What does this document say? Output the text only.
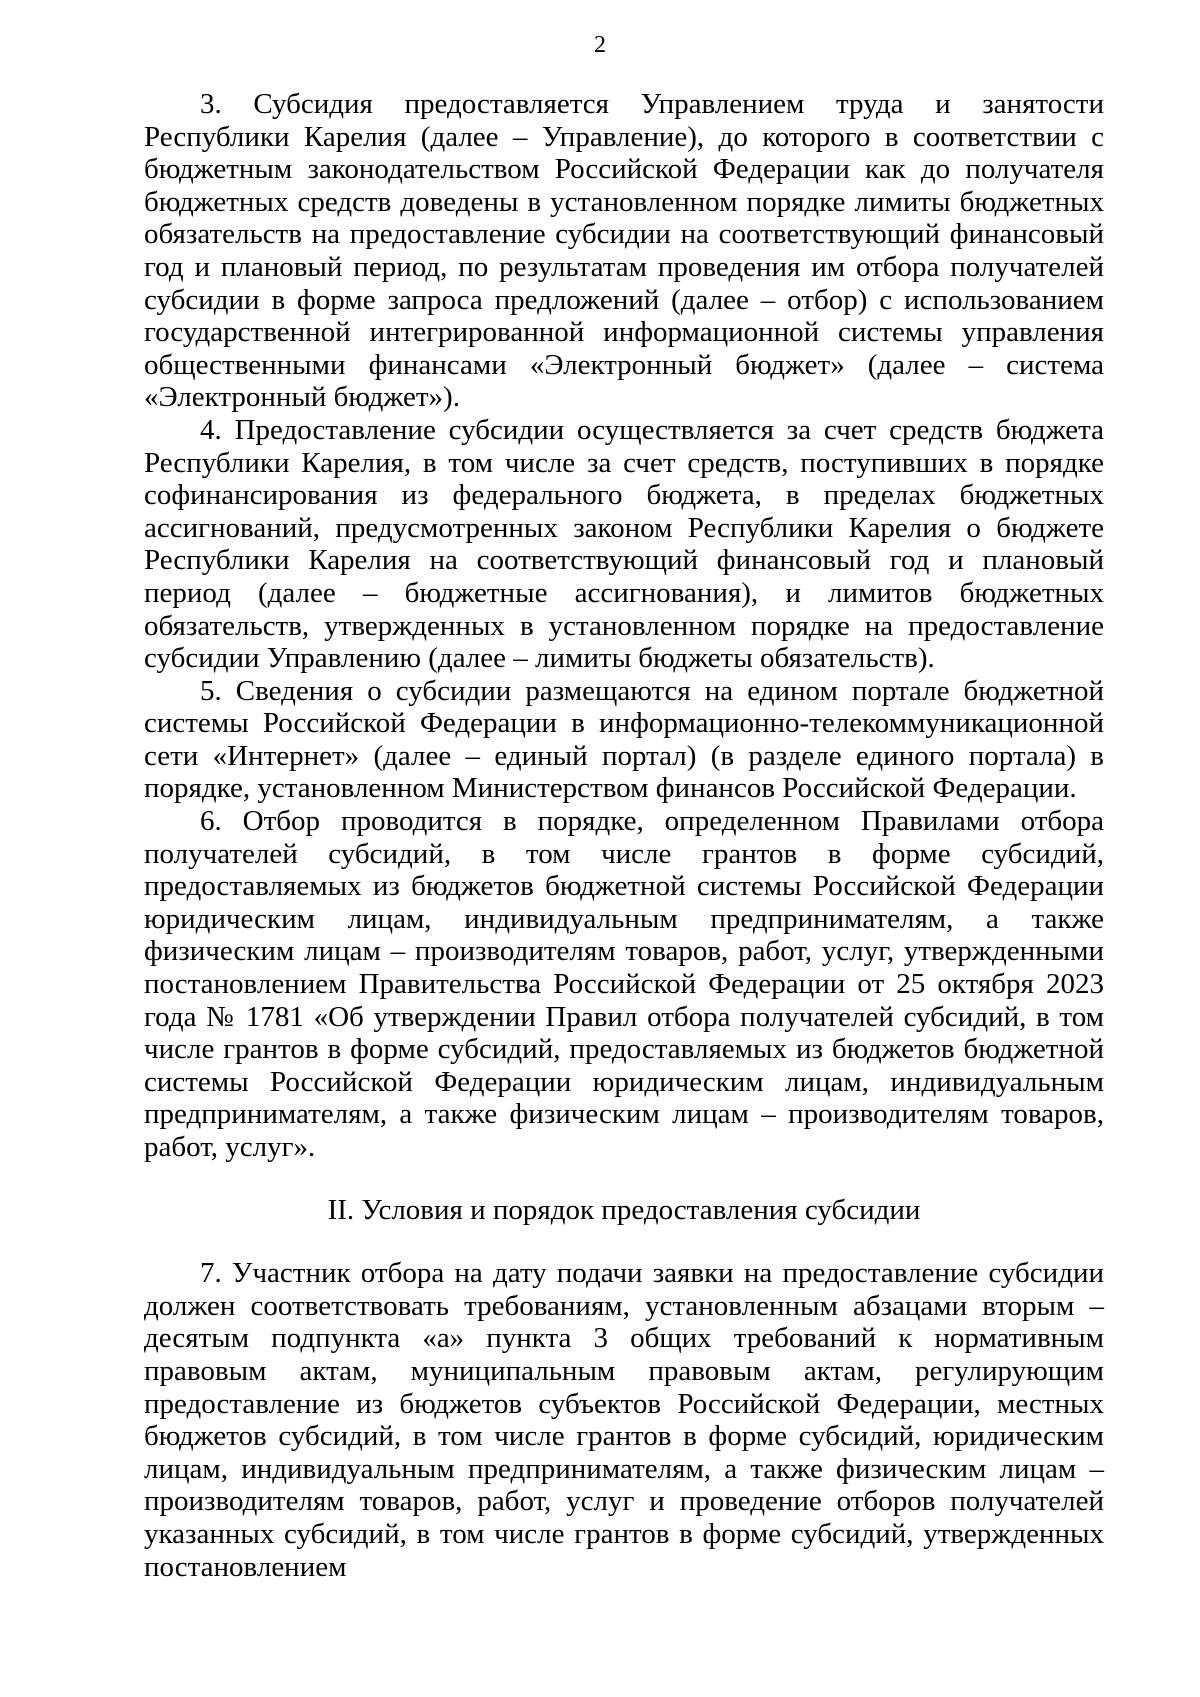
2

3. Субсидия предоставляется Управлением труда и занятости Республики Карелия (далее – Управление), до которого в соответствии с бюджетным законодательством Российской Федерации как до получателя бюджетных средств доведены в установленном порядке лимиты бюджетных обязательств на предоставление субсидии на соответствующий финансовый год и плановый период, по результатам проведения им отбора получателей субсидии в форме запроса предложений (далее – отбор) с использованием государственной интегрированной информационной системы управления общественными финансами «Электронный бюджет» (далее – система «Электронный бюджет»).

4. Предоставление субсидии осуществляется за счет средств бюджета Республики Карелия, в том числе за счет средств, поступивших в порядке софинансирования из федерального бюджета, в пределах бюджетных ассигнований, предусмотренных законом Республики Карелия о бюджете Республики Карелия на соответствующий финансовый год и плановый период (далее – бюджетные ассигнования), и лимитов бюджетных обязательств, утвержденных в установленном порядке на предоставление субсидии Управлению (далее – лимиты бюджеты обязательств).

5. Сведения о субсидии размещаются на едином портале бюджетной системы Российской Федерации в информационно-телекоммуникационной сети «Интернет» (далее – единый портал) (в разделе единого портала) в порядке, установленном Министерством финансов Российской Федерации.

6. Отбор проводится в порядке, определенном Правилами отбора получателей субсидий, в том числе грантов в форме субсидий, предоставляемых из бюджетов бюджетной системы Российской Федерации юридическим лицам, индивидуальным предпринимателям, а также физическим лицам – производителям товаров, работ, услуг, утвержденными постановлением Правительства Российской Федерации от 25 октября 2023 года № 1781 «Об утверждении Правил отбора получателей субсидий, в том числе грантов в форме субсидий, предоставляемых из бюджетов бюджетной системы Российской Федерации юридическим лицам, индивидуальным предпринимателям, а также физическим лицам – производителям товаров, работ, услуг».

II. Условия и порядок предоставления субсидии

7. Участник отбора на дату подачи заявки на предоставление субсидии должен соответствовать требованиям, установленным абзацами вторым – десятым подпункта «а» пункта 3 общих требований к нормативным правовым актам, муниципальным правовым актам, регулирующим предоставление из бюджетов субъектов Российской Федерации, местных бюджетов субсидий, в том числе грантов в форме субсидий, юридическим лицам, индивидуальным предпринимателям, а также физическим лицам – производителям товаров, работ, услуг и проведение отборов получателей указанных субсидий, в том числе грантов в форме субсидий, утвержденных постановлением
